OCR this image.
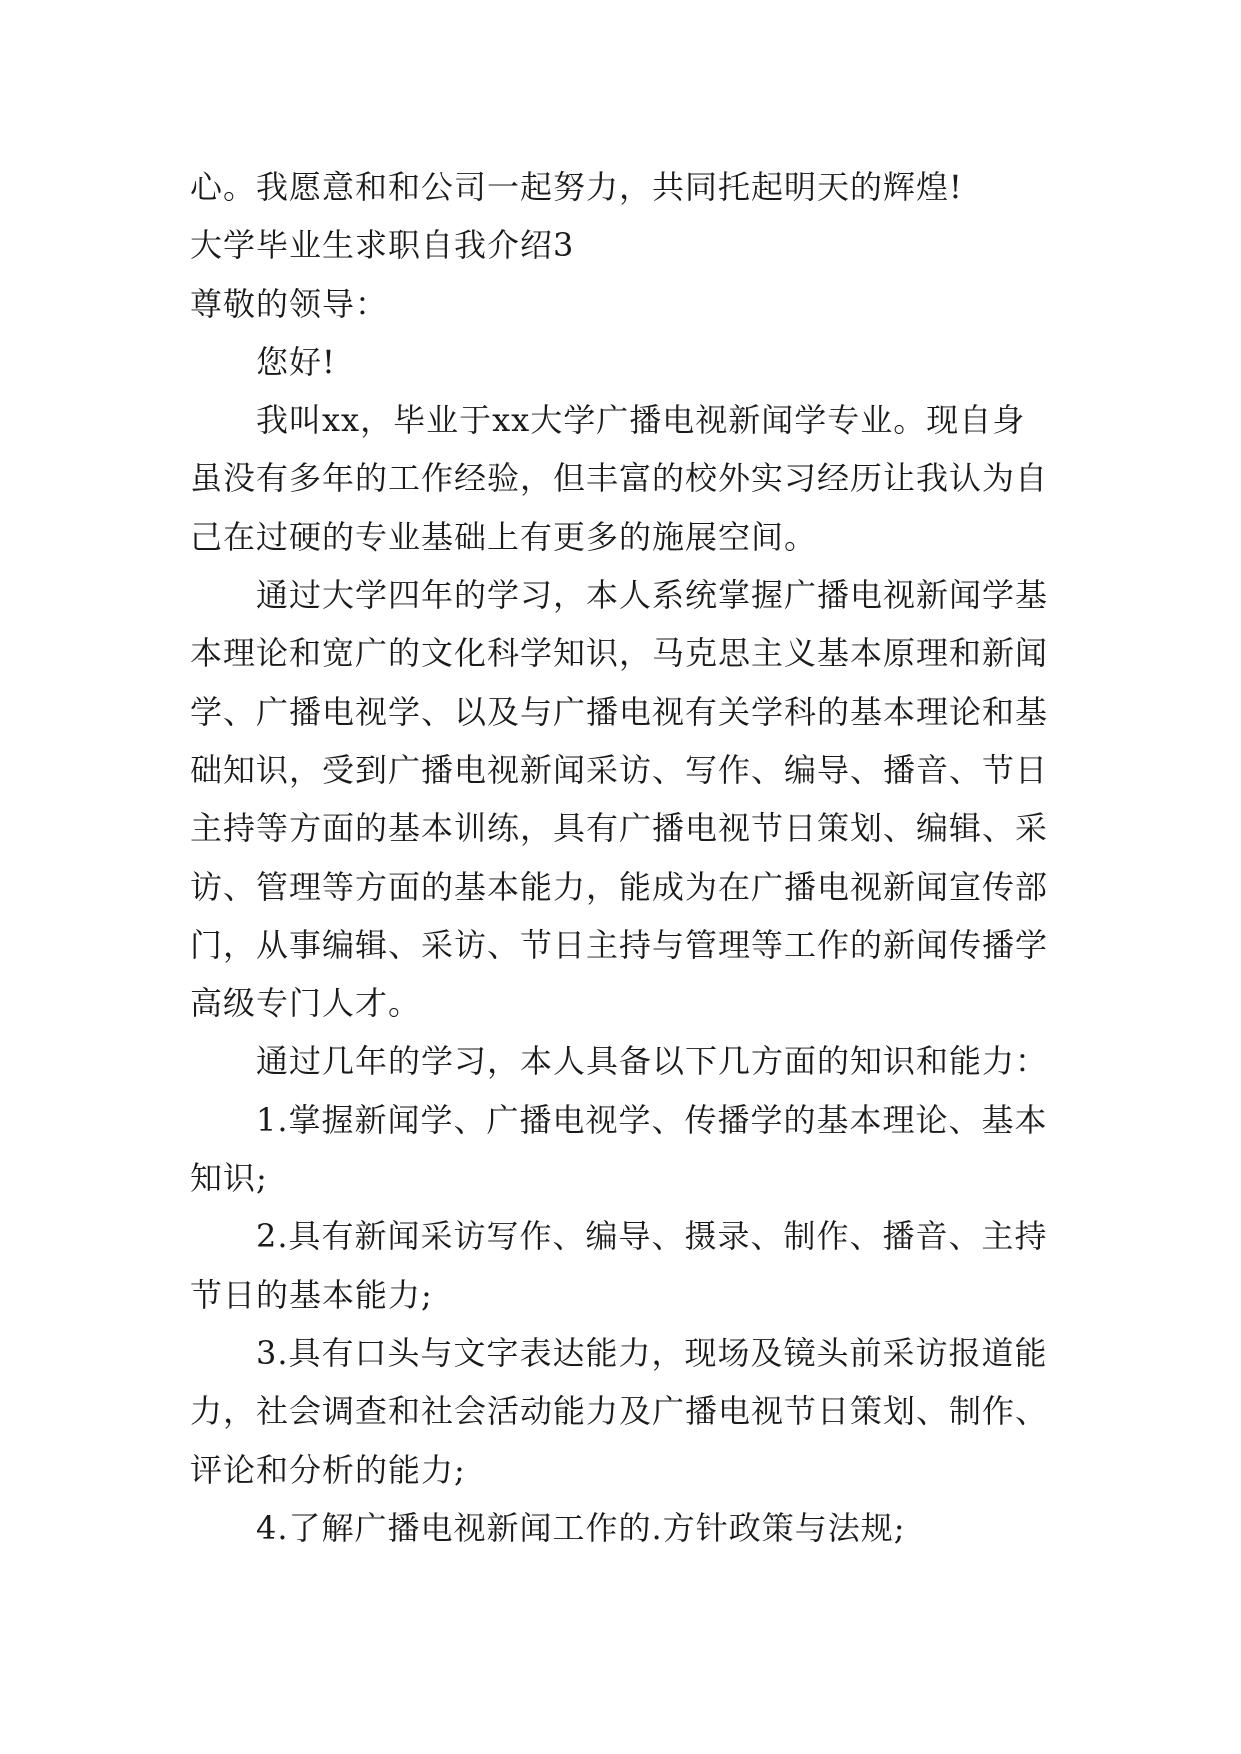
心。我愿意和和公司一起努力，共同托起明天的辉煌!
大学毕业生求职自我介绍3
尊敬的领导：
您好!
我叫xx，毕业于xx大学广播电视新闻学专业。现自身
虽没有多年的工作经验，但丰富的校外实习经历让我认为自
己在过硬的专业基础上有更多的施展空间。
通过大学四年的学习，本人系统掌握广播电视新闻学基
本理论和宽广的文化科学知识，马克思主义基本原理和新闻
学、广播电视学、以及与广播电视有关学科的基本理论和基
础知识，受到广播电视新闻采访、写作、编导、播音、节日
主持等方面的基本训练，具有广播电视节日策划、编辑、采
访、管理等方面的基本能力，能成为在广播电视新闻宣传部
门，从事编辑、采访、节日主持与管理等工作的新闻传播学
高级专门人才。
通过几年的学习，本人具备以下几方面的知识和能力：
1.掌握新闻学、广播电视学、传播学的基本理论、基本
知识;
2.具有新闻采访写作、编导、摄录、制作、播音、主持
节日的基本能力;
3.具有口头与文字表达能力，现场及镜头前采访报道能
力，社会调查和社会活动能力及广播电视节日策划、制作、
评论和分析的能力;
4.了解广播电视新闻工作的.方针政策与法规;
